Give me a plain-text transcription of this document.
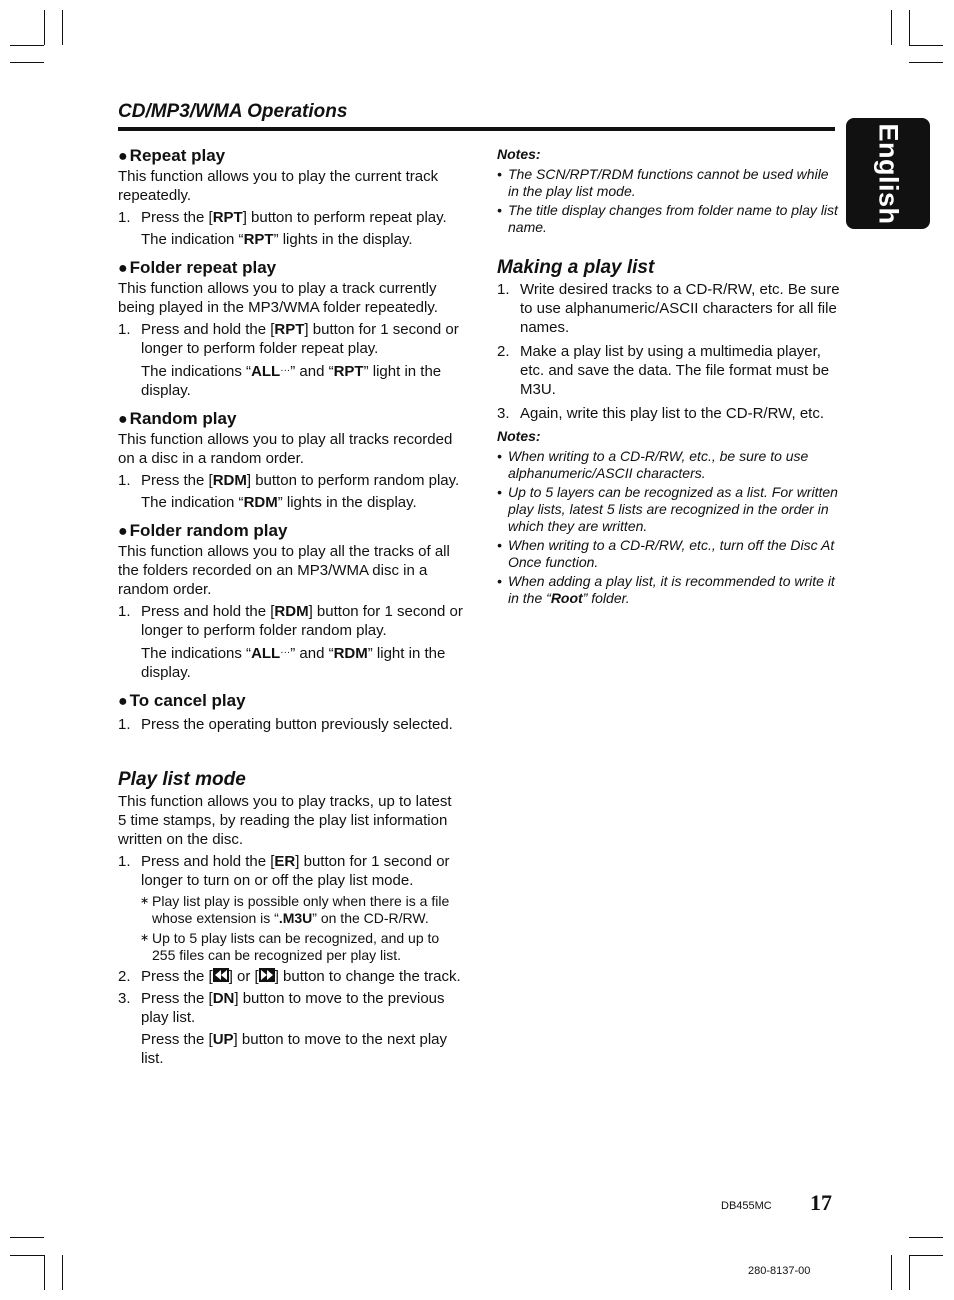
CD/MP3/WMA Operations
English
● Repeat play

This function allows you to play the current track repeatedly.

1. Press the [RPT] button to perform repeat play.
The indication “RPT” lights in the display.
● Folder repeat play

This function allows you to play a track currently being played in the MP3/WMA folder repeatedly.

1. Press and hold the [RPT] button for 1 second or longer to perform folder repeat play.
The indications “ALL···” and “RPT” light in the display.
● Random play

This function allows you to play all tracks recorded on a disc in a random order.

1. Press the [RDM] button to perform random play.
The indication “RDM” lights in the display.
● Folder random play

This function allows you to play all the tracks of all the folders recorded on an MP3/WMA disc in a random order.

1. Press and hold the [RDM] button for 1 second or longer to perform folder random play.
The indications “ALL···” and “RDM” light in the display.
● To cancel play
1. Press the operating button previously selected.
Play list mode

This function allows you to play tracks, up to latest 5 time stamps, by reading the play list information written on the disc.

1. Press and hold the [ER] button for 1 second or longer to turn on or off the play list mode.
∗ Play list play is possible only when there is a file whose extension is “.M3U” on the CD-R/RW.
∗ Up to 5 play lists can be recognized, and up to 255 files can be recognized per play list.
2. Press the [ ] or [ ] button to change the track.
3. Press the [DN] button to move to the previous play list.
Press the [UP] button to move to the next play list.
Notes:
• The SCN/RPT/RDM functions cannot be used while in the play list mode.
• The title display changes from folder name to play list name.
Making a play list
1. Write desired tracks to a CD-R/RW, etc. Be sure to use alphanumeric/ASCII characters for all file names.
2. Make a play list by using a multimedia player, etc. and save the data. The file format must be M3U.
3. Again, write this play list to the CD-R/RW, etc.
Notes:
• When writing to a CD-R/RW, etc., be sure to use alphanumeric/ASCII characters.
• Up to 5 layers can be recognized as a list. For written play lists, latest 5 lists are recognized in the order in which they are written.
• When writing to a CD-R/RW, etc., turn off the Disc At Once function.
• When adding a play list, it is recommended to write it in the “Root” folder.
DB455MC 17
280-8137-00
